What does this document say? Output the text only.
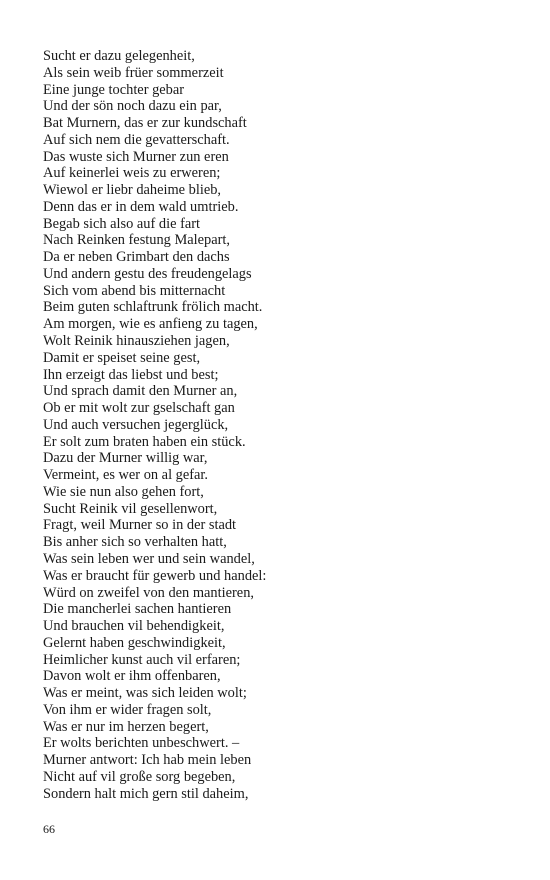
Sucht er dazu gelegenheit,
Als sein weib früer sommerzeit
Eine junge tochter gebar
Und der sön noch dazu ein par,
Bat Murnern, das er zur kundschaft
Auf sich nem die gevatterschaft.
Das wuste sich Murner zun eren
Auf keinerlei weis zu erweren;
Wiewol er liebr daheime blieb,
Denn das er in dem wald umtrieb.
Begab sich also auf die fart
Nach Reinken festung Malepart,
Da er neben Grimbart den dachs
Und andern gestu des freudengelags
Sich vom abend bis mitternacht
Beim guten schlaftrunk frölich macht.
Am morgen, wie es anfieng zu tagen,
Wolt Reinik hinausziehen jagen,
Damit er speiset seine gest,
Ihn erzeigt das liebst und best;
Und sprach damit den Murner an,
Ob er mit wolt zur gselschaft gan
Und auch versuchen jegerglück,
Er solt zum braten haben ein stück.
Dazu der Murner willig war,
Vermeint, es wer on al gefar.
Wie sie nun also gehen fort,
Sucht Reinik vil gesellenwort,
Fragt, weil Murner so in der stadt
Bis anher sich so verhalten hatt,
Was sein leben wer und sein wandel,
Was er braucht für gewerb und handel:
Würd on zweifel von den mantieren,
Die mancherlei sachen hantieren
Und brauchen vil behendigkeit,
Gelernt haben geschwindigkeit,
Heimlicher kunst auch vil erfaren;
Davon wolt er ihm offenbaren,
Was er meint, was sich leiden wolt;
Von ihm er wider fragen solt,
Was er nur im herzen begert,
Er wolts berichten unbeschwert. –
Murner antwort: Ich hab mein leben
Nicht auf vil große sorg begeben,
Sondern halt mich gern stil daheim,
66
